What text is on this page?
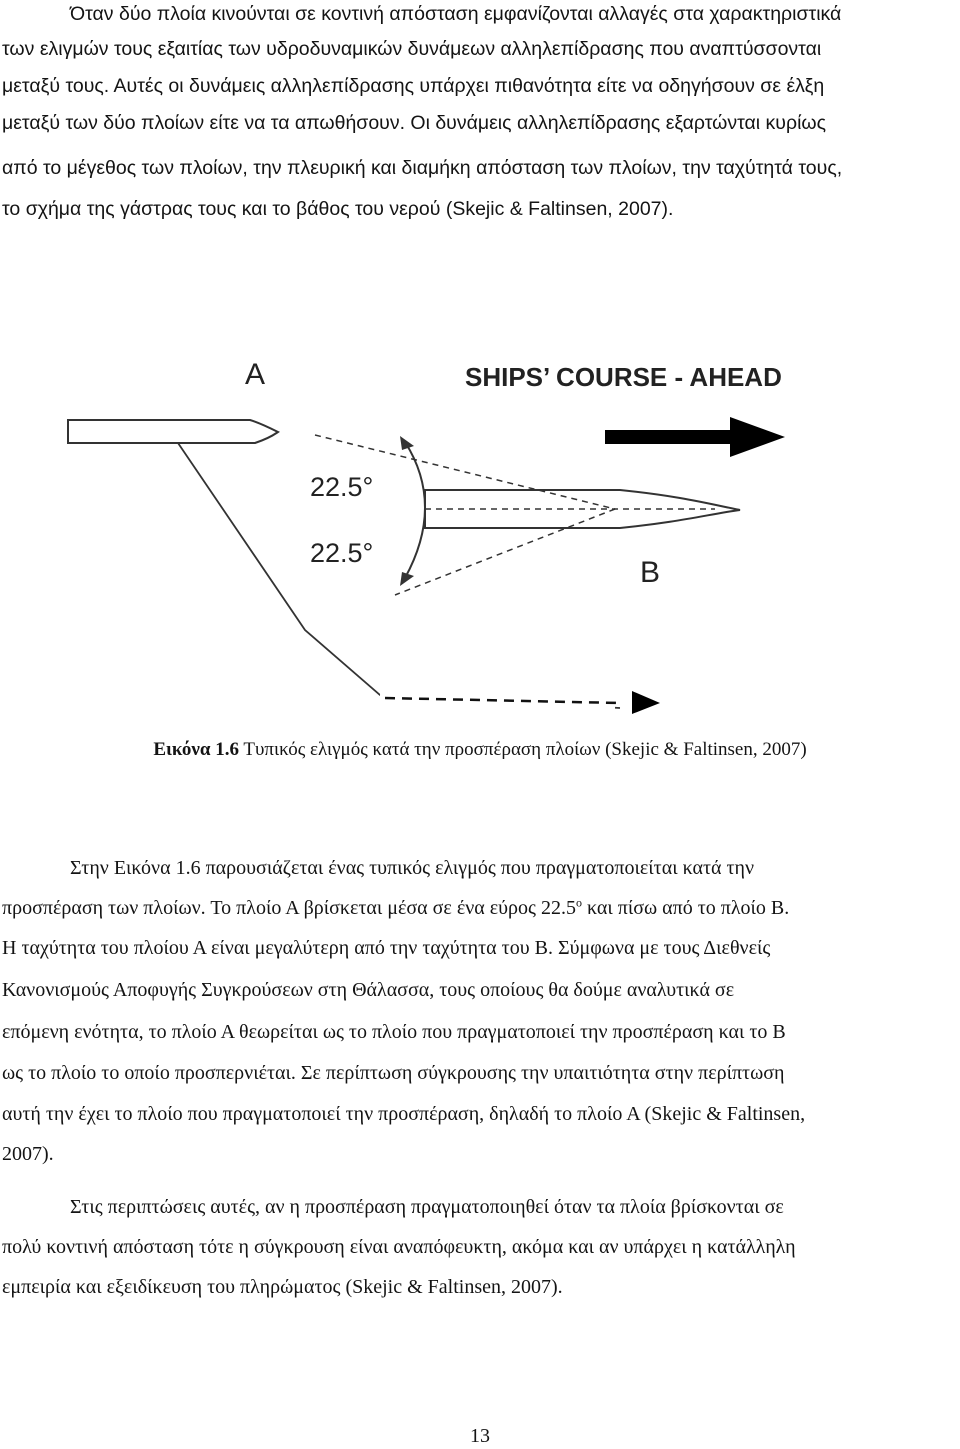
Όταν δύο πλοία κινούνται σε κοντινή απόσταση εμφανίζονται αλλαγές στα χαρακτηριστικά
των ελιγμών τους εξαιτίας των υδροδυναμικών δυνάμεων αλληλεπίδρασης που αναπτύσσονται
μεταξύ τους. Αυτές οι δυνάμεις αλληλεπίδρασης υπάρχει πιθανότητα είτε να οδηγήσουν σε έλξη
μεταξύ των δύο πλοίων είτε να τα απωθήσουν. Οι δυνάμεις αλληλεπίδρασης εξαρτώνται κυρίως
από το μέγεθος των πλοίων, την πλευρική και διαμήκη απόσταση των πλοίων, την ταχύτητά τους,
το σχήμα της γάστρας τους και το βάθος του νερού (Skejic & Faltinsen, 2007).
A	SHIPS’ COURSE - AHEAD
22.5°
22.5°
B
Εικόνα 1.6 Τυπικός ελιγμός κατά την προσπέραση πλοίων (Skejic & Faltinsen, 2007)
Στην Εικόνα 1.6 παρουσιάζεται ένας τυπικός ελιγμός που πραγματοποιείται κατά την
προσπέραση των πλοίων. Το πλοίο Α βρίσκεται μέσα σε ένα εύρος $22.5^o$ και πίσω από το πλοίο Β.
Η ταχύτητα του πλοίου Α είναι μεγαλύτερη από την ταχύτητα του Β. Σύμφωνα με τους Διεθνείς
Κανονισμούς Αποφυγής Συγκρούσεων στη Θάλασσα, τους οποίους θα δούμε αναλυτικά σε
επόμενη ενότητα, το πλοίο Α θεωρείται ως το πλοίο που πραγματοποιεί την προσπέραση και το Β
ως το πλοίο το οποίο προσπερνιέται. Σε περίπτωση σύγκρουσης την υπαιτιότητα στην περίπτωση
αυτή την έχει το πλοίο που πραγματοποιεί την προσπέραση, δηλαδή το πλοίο Α (Skejic & Faltinsen,
2007).
Στις περιπτώσεις αυτές, αν η προσπέραση πραγματοποιηθεί όταν τα πλοία βρίσκονται σε
πολύ κοντινή απόσταση τότε η σύγκρουση είναι αναπόφευκτη, ακόμα και αν υπάρχει η κατάλληλη
εμπειρία και εξειδίκευση του πληρώματος (Skejic & Faltinsen, 2007).
13
